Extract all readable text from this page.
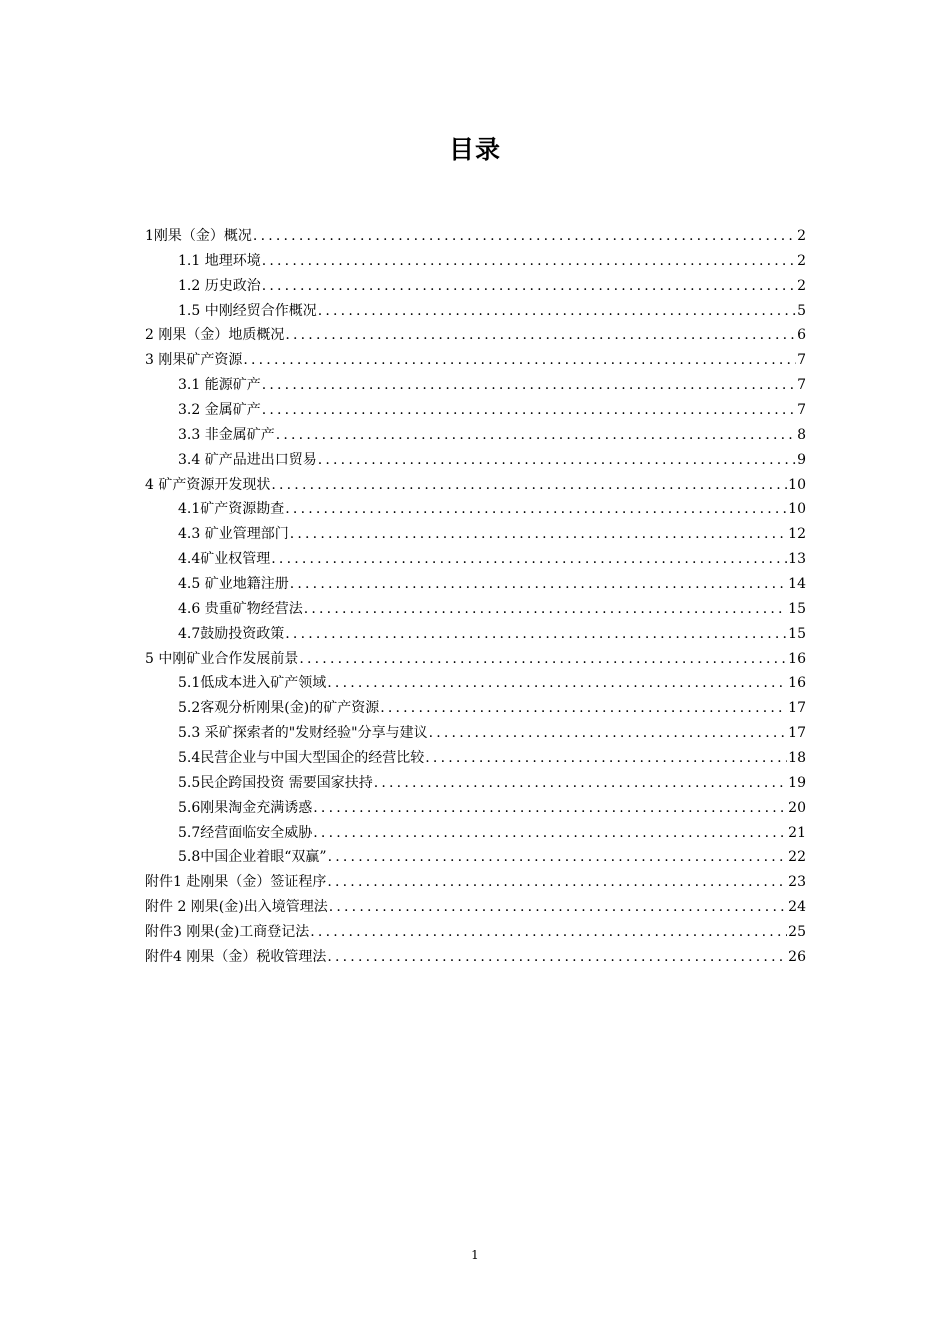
目录
1刚果（金）概况 .....	2
1.1 地理环境 .....	2
1.2 历史政治 .....	2
1.5 中刚经贸合作概况 .....	5
2 刚果（金）地质概况 .....	6
3 刚果矿产资源 .....	7
3.1 能源矿产 .....	7
3.2 金属矿产 .....	7
3.3 非金属矿产 .....	8
3.4 矿产品进出口贸易 .....	9
4 矿产资源开发现状 .....	10
4.1矿产资源勘查 .....	10
4.3 矿业管理部门 .....	12
4.4矿业权管理 .....	13
4.5 矿业地籍注册 .....	14
4.6 贵重矿物经营法 .....	15
4.7鼓励投资政策 .....	15
5 中刚矿业合作发展前景 .....	16
5.1低成本进入矿产领域 .....	16
5.2客观分析刚果(金)的矿产资源 .....	17
5.3 采矿探索者的"发财经验"分享与建议 .....	17
5.4民营企业与中国大型国企的经营比较 .....	18
5.5民企跨国投资 需要国家扶持 .....	19
5.6刚果淘金充满诱惑 .....	20
5.7经营面临安全威胁 .....	21
5.8中国企业着眼“双赢” .....	22
附件1 赴刚果（金）签证程序 .....	23
附件 2 刚果(金)出入境管理法 .....	24
附件3 刚果(金)工商登记法 .....	25
附件4 刚果（金）税收管理法 .....	26
1
